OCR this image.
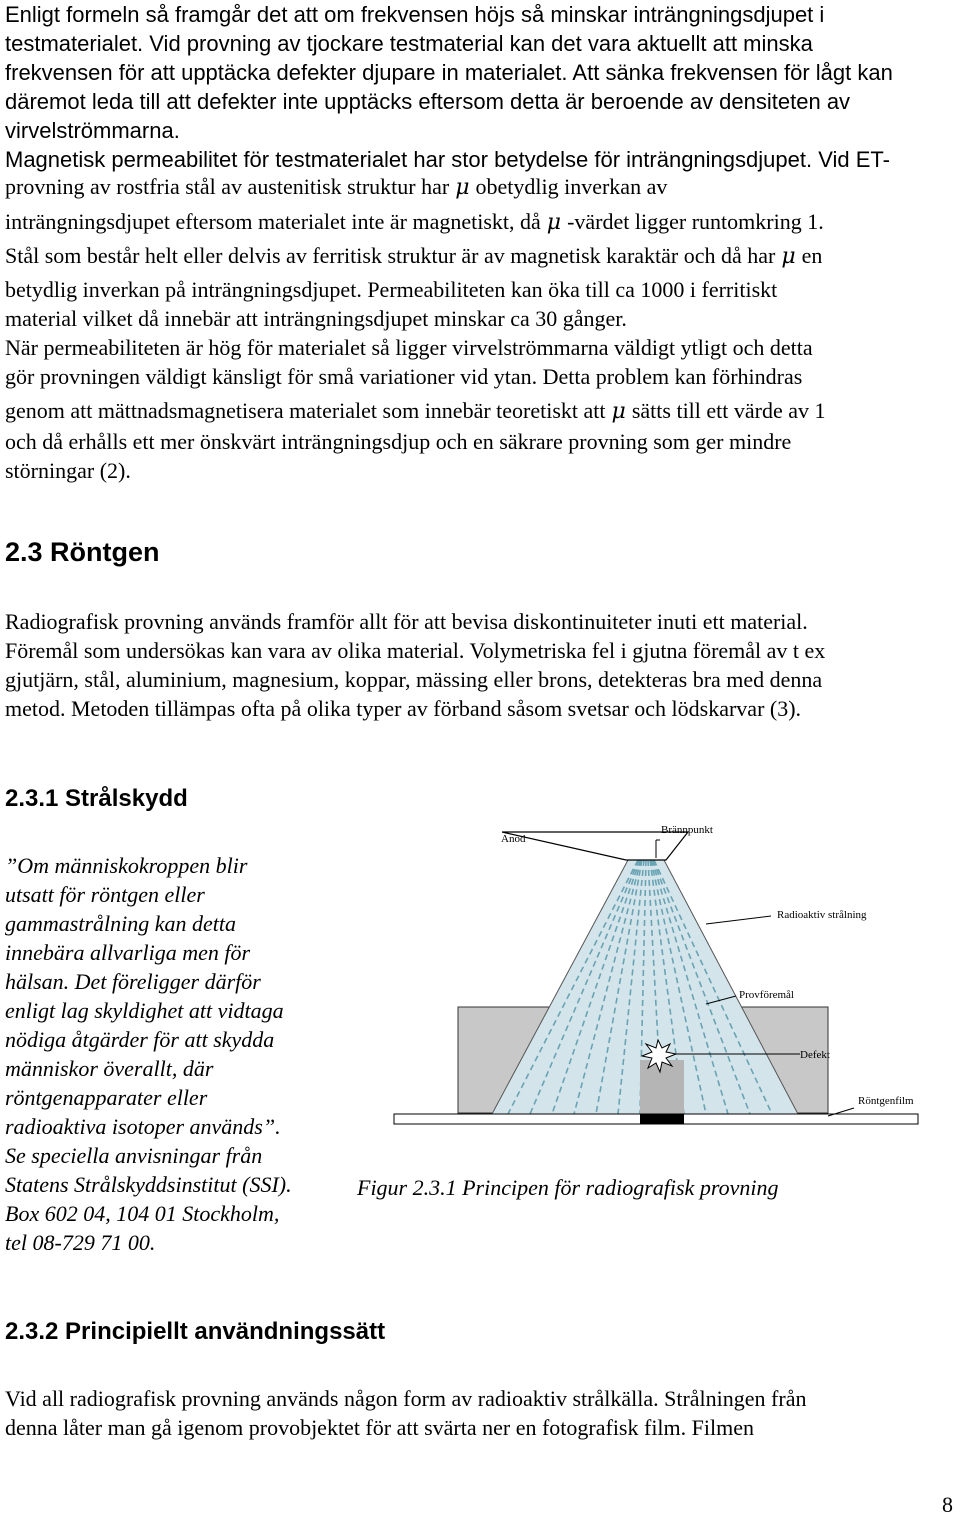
Enligt formeln så framgår det att om frekvensen höjs så minskar inträngningsdjupet i
testmaterialet. Vid provning av tjockare testmaterial kan det vara aktuellt att minska
frekvensen för att upptäcka defekter djupare in materialet. Att sänka frekvensen för lågt kan
däremot leda till att defekter inte upptäcks eftersom detta är beroende av densiteten av
virvelströmmarna.
Magnetisk permeabilitet för testmaterialet har stor betydelse för inträngningsdjupet. Vid ET-
provning av rostfria stål av austenitisk struktur har μ obetydlig inverkan av
inträngningsdjupet eftersom materialet inte är magnetiskt, då μ -värdet ligger runtomkring 1.
Stål som består helt eller delvis av ferritisk struktur är av magnetisk karaktär och då har μ en
betydlig inverkan på inträngningsdjupet. Permeabiliteten kan öka till ca 1000 i ferritiskt
material vilket då innebär att inträngningsdjupet minskar ca 30 gånger.
När permeabiliteten är hög för materialet så ligger virvelströmmarna väldigt ytligt och detta
gör provningen väldigt känsligt för små variationer vid ytan. Detta problem kan förhindras
genom att mättnadsmagnetisera materialet som innebär teoretiskt att μ sätts till ett värde av 1
och då erhålls ett mer önskvärt inträngningsdjup och en säkrare provning som ger mindre
störningar (2).
2.3 Röntgen
Radiografisk provning används framför allt för att bevisa diskontinuiteter inuti ett material.
Föremål som undersökas kan vara av olika material. Volymetriska fel i gjutna föremål av t ex
gjutjärn, stål, aluminium, magnesium, koppar, mässing eller brons, detekteras bra med denna
metod. Metoden tillämpas ofta på olika typer av förband såsom svetsar och lödskarvar (3).
2.3.1 Strålskydd
”Om människokroppen blir
utsatt för röntgen eller
gammastrålning kan detta
innebära allvarliga men för
hälsan. Det föreligger därför
enligt lag skyldighet att vidtaga
nödiga åtgärder för att skydda
människor överallt, där
röntgenapparater eller
radioaktiva isotoper används”.
Se speciella anvisningar från
Statens Strålskyddsinstitut (SSI).
Box 602 04, 104 01 Stockholm,
tel 08-729 71 00.
Anod
Brännpunkt
Radioaktiv strålning
Provföremål
Defekt
Röntgenfilm

Figur 2.3.1 Principen för radiografisk provning

2.3.2 Principiellt användningssätt
Vid all radiografisk provning används någon form av radioaktiv strålkälla. Strålningen från
denna låter man gå igenom provobjektet för att svärta ner en fotografisk film. Filmen
8
